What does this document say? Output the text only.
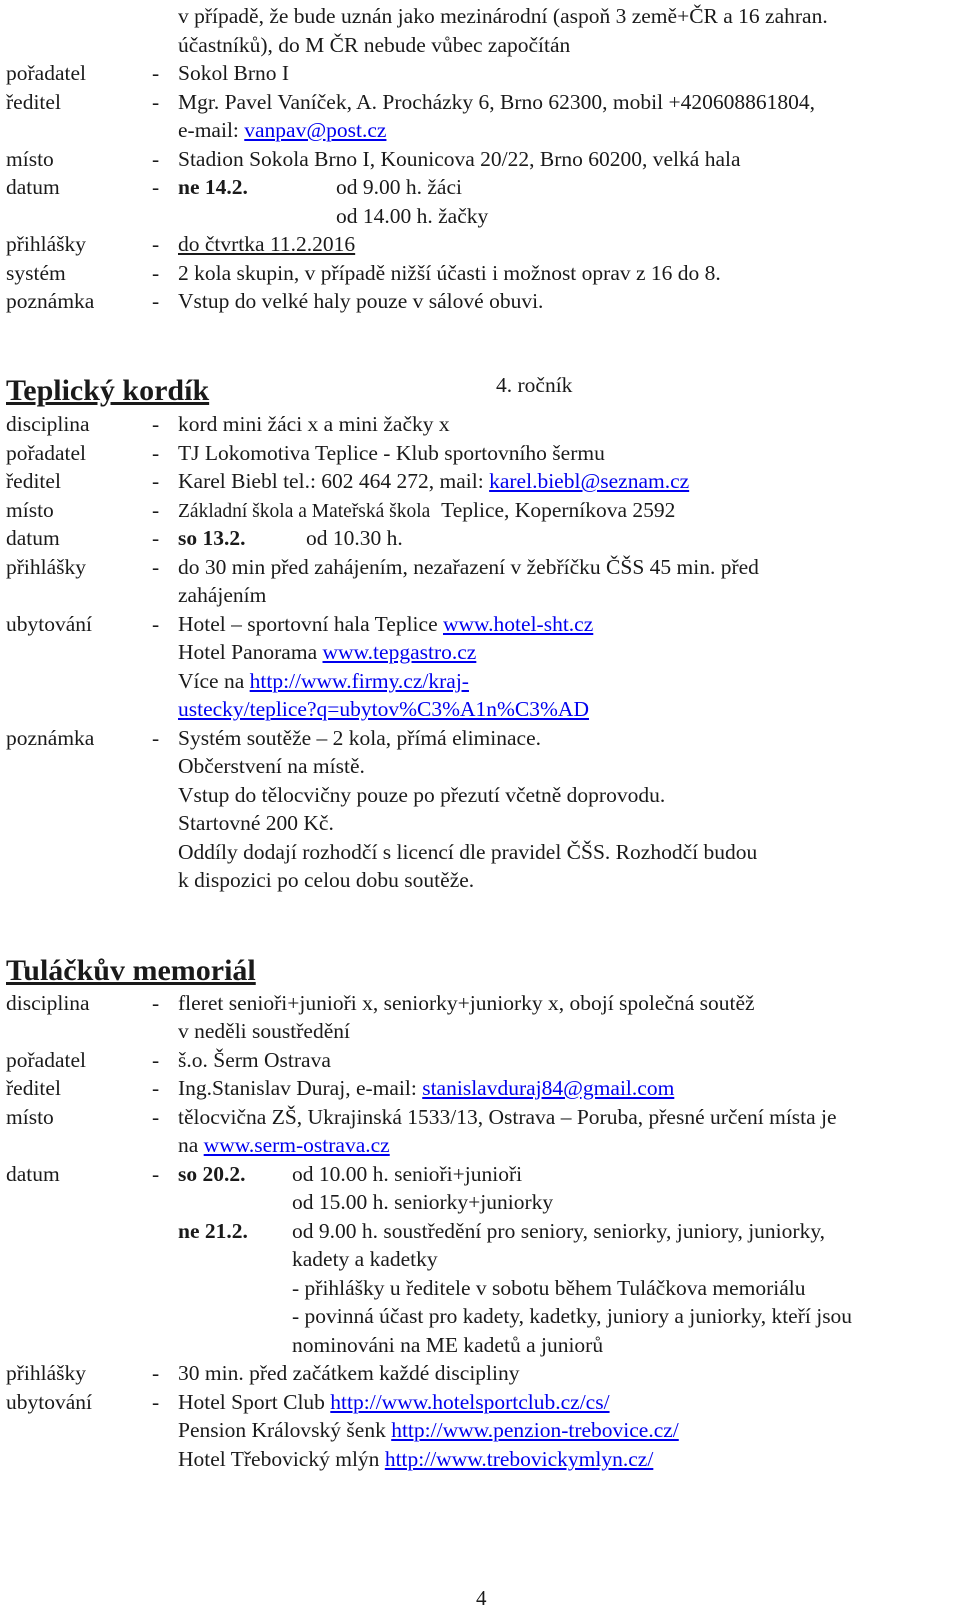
v případě, že bude uznán jako mezinárodní (aspoň 3 země+ČR a 16 zahran.
účastníků), do M ČR nebude vůbec započítán
pořadatel	- Sokol Brno I
ředitel	- Mgr. Pavel Vaníček, A. Procházky 6, Brno 62300, mobil +420608861804,
e-mail: vanpav@post.cz
místo	- Stadion Sokola Brno I, Kounicova 20/22, Brno 60200, velká hala
datum	- ne 14.2.	od 9.00 h. žáci
od 14.00 h. žačky
přihlášky	- do čtvrtka 11.2.2016
systém	- 2 kola skupin, v případě nižší účasti i možnost oprav z 16 do 8.
poznámka	- Vstup do velké haly pouze v sálové obuvi.
Teplický kordík	4. ročník
disciplina	- kord mini žáci x a mini žačky x
pořadatel	- TJ Lokomotiva Teplice - Klub sportovního šermu
ředitel	- Karel Biebl tel.: 602 464 272, mail: karel.biebl@seznam.cz
místo	- Základní škola a Mateřská škola Teplice, Koperníkova 2592
datum	- so 13.2.	od 10.30 h.
přihlášky	- do 30 min před zahájením, nezařazení v žebříčku ČŠS 45 min. před
zahájením
ubytování	- Hotel – sportovní hala Teplice www.hotel-sht.cz
Hotel Panorama www.tepgastro.cz
Více na http://www.firmy.cz/kraj-
ustecky/teplice?q=ubytov%C3%A1n%C3%AD
poznámka	- Systém soutěže – 2 kola, přímá eliminace.
Občerstvení na místě.
Vstup do tělocvičny pouze po přezutí včetně doprovodu.
Startovné 200 Kč.
Oddíly dodají rozhodčí s licencí dle pravidel ČŠS. Rozhodčí budou
k dispozici po celou dobu soutěže.
Tuláčkův memoriál
disciplina	- fleret senioři+junioři x, seniorky+juniorky x, obojí společná soutěž
v neděli soustředění
pořadatel	- š.o. Šerm Ostrava
ředitel	- Ing.Stanislav Duraj, e-mail: stanislavduraj84@gmail.com
místo	- tělocvična ZŠ, Ukrajinská 1533/13, Ostrava – Poruba, přesné určení místa je
na www.serm-ostrava.cz
datum	- so 20.2. od 10.00 h. senioři+junioři
od 15.00 h. seniorky+juniorky
ne 21.2. od 9.00 h. soustředění pro seniory, seniorky, juniory, juniorky,
kadety a kadetky
- přihlášky u ředitele v sobotu během Tuláčkova memoriálu
- povinná účast pro kadety, kadetky, juniory a juniorky, kteří jsou
nominováni na ME kadetů a juniorů
přihlášky	- 30 min. před začátkem každé discipliny
ubytování	- Hotel Sport Club http://www.hotelsportclub.cz/cs/
Pension Královský šenk http://www.penzion-trebovice.cz/
Hotel Třebovický mlýn http://www.trebovickymlyn.cz/
4
